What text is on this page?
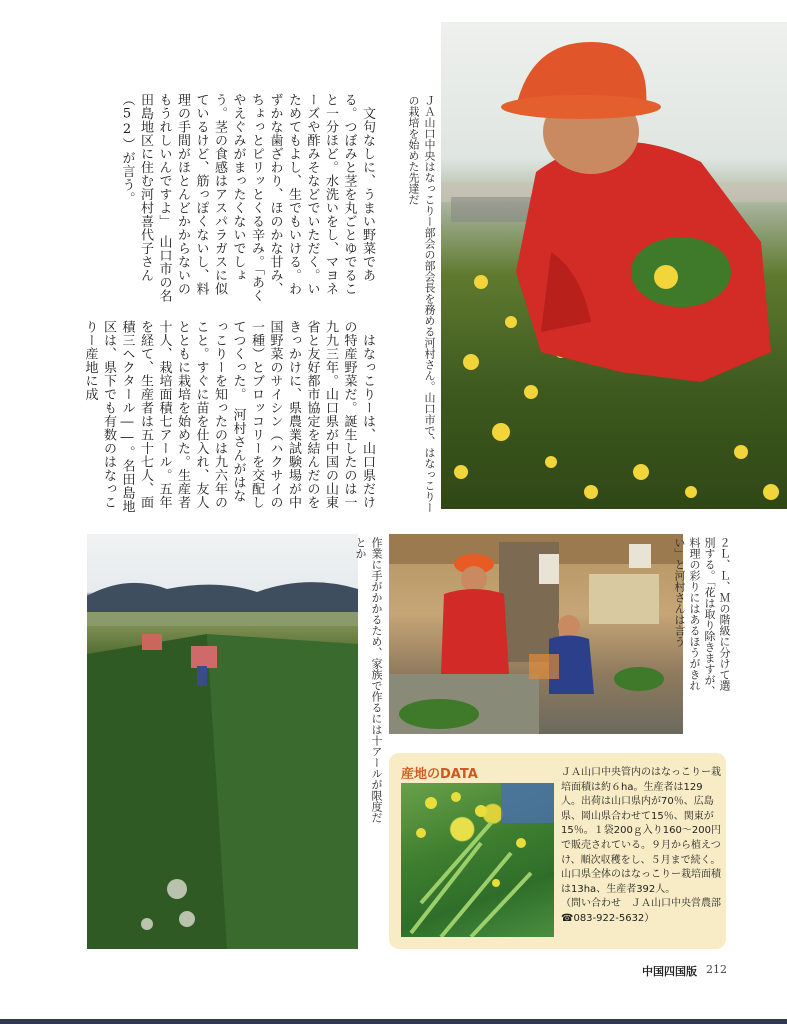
ＪＡ山口中央はなっこりー部会の部会長を務める河村さん。山口市で、はなっこりーの栽培を始めた先達だ
　はなっこりーは、山口県だけの特産野菜だ。誕生したのは一九九三年。山口県が中国の山東省と友好都市協定を結んだのをきっかけに、県農業試験場が中国野菜のサイシン（ハクサイの一種）とブロッコリーを交配してつくった。　河村さんがはなっこりーを知ったのは九六年のこと。すぐに苗を仕入れ、友人とともに栽培を始めた。生産者十人、栽培面積七アール。五年を経て、生産者は五十七人、面積三ヘクタール――。名田島地区は、県下でも有数のはなっこりー産地に成
　文句なしに、うまい野菜である。つぼみと茎を丸ごとゆでること一分ほど。水洗いをし、マヨネーズや酢みそなどでいただく。いためてもよし、生でもいける。わずかな歯ざわり、ほのかな甘み、ちょっとピリッとくる辛み。「あくやえぐみがまったくないでしょう。茎の食感はアスパラガスに似ているけど、筋っぽくないし、料理の手間がほとんどかからないのもうれしいんですよ」　山口市の名田島地区に住む河村喜代子さん（52）が言う。
作業に手がかかるため、家族で作るには十アールが限度だとか	２Ｌ、Ｌ、Ｍの階級に分けて選別する。「花は取り除きますが、料理の彩りにはあるほうがきれい」と河村さんは言う
産地のDATA	ＪＡ山口中央管内のはなっこりー栽培面積は約６ha。生産者は129人。出荷は山口県内が70％、広島県、岡山県合わせて15％、関東が15％。１袋200ｇ入り160～200円で販売されている。９月から植えつけ、順次収穫をし、５月まで続く。山口県全体のはなっこりー栽培面積は13ha、生産者392人。
（問い合わせ　ＪＡ山口中央営農部
☎083-922-5632）
中国四国版 212
